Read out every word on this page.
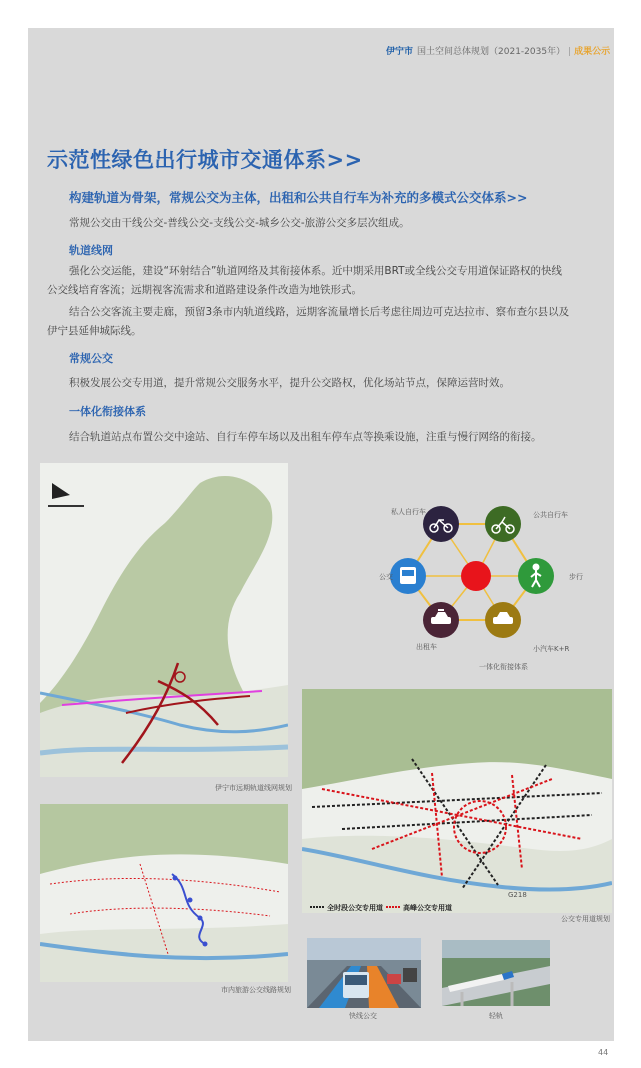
伊宁市 国土空间总体规划（2021-2035年） | 成果公示
示范性绿色出行城市交通体系>>
构建轨道为骨架，常规公交为主体，出租和公共自行车为补充的多模式公交体系>>
常规公交由干线公交-普线公交-支线公交-城乡公交-旅游公交多层次组成。
轨道线网
强化公交运能，建设“环射结合”轨道网络及其衔接体系。近中期采用BRT或全线公交专用道保证路权的快线
公交线培育客流；远期视客流需求和道路建设条件改造为地铁形式。
结合公交客流主要走廊，预留3条市内轨道线路，远期客流量增长后考虑往周边可克达拉市、察布查尔县以及
伊宁县延伸城际线。
常规公交
积极发展公交专用道，提升常规公交服务水平，提升公交路权，优化场站节点，保障运营时效。
一体化衔接体系
结合轨道站点布置公交中途站、自行车停车场以及出租车停车点等换乘设施，注重与慢行网络的衔接。
伊宁市远期轨道线网规划
私人自行车	公共自行车
公交	步行
出租车	小汽车K+R
一体化衔接体系
全时段公交专用道	高峰公交专用道
G218
公交专用道规划
市内旅游公交线路规划
快线公交	轻轨
44
